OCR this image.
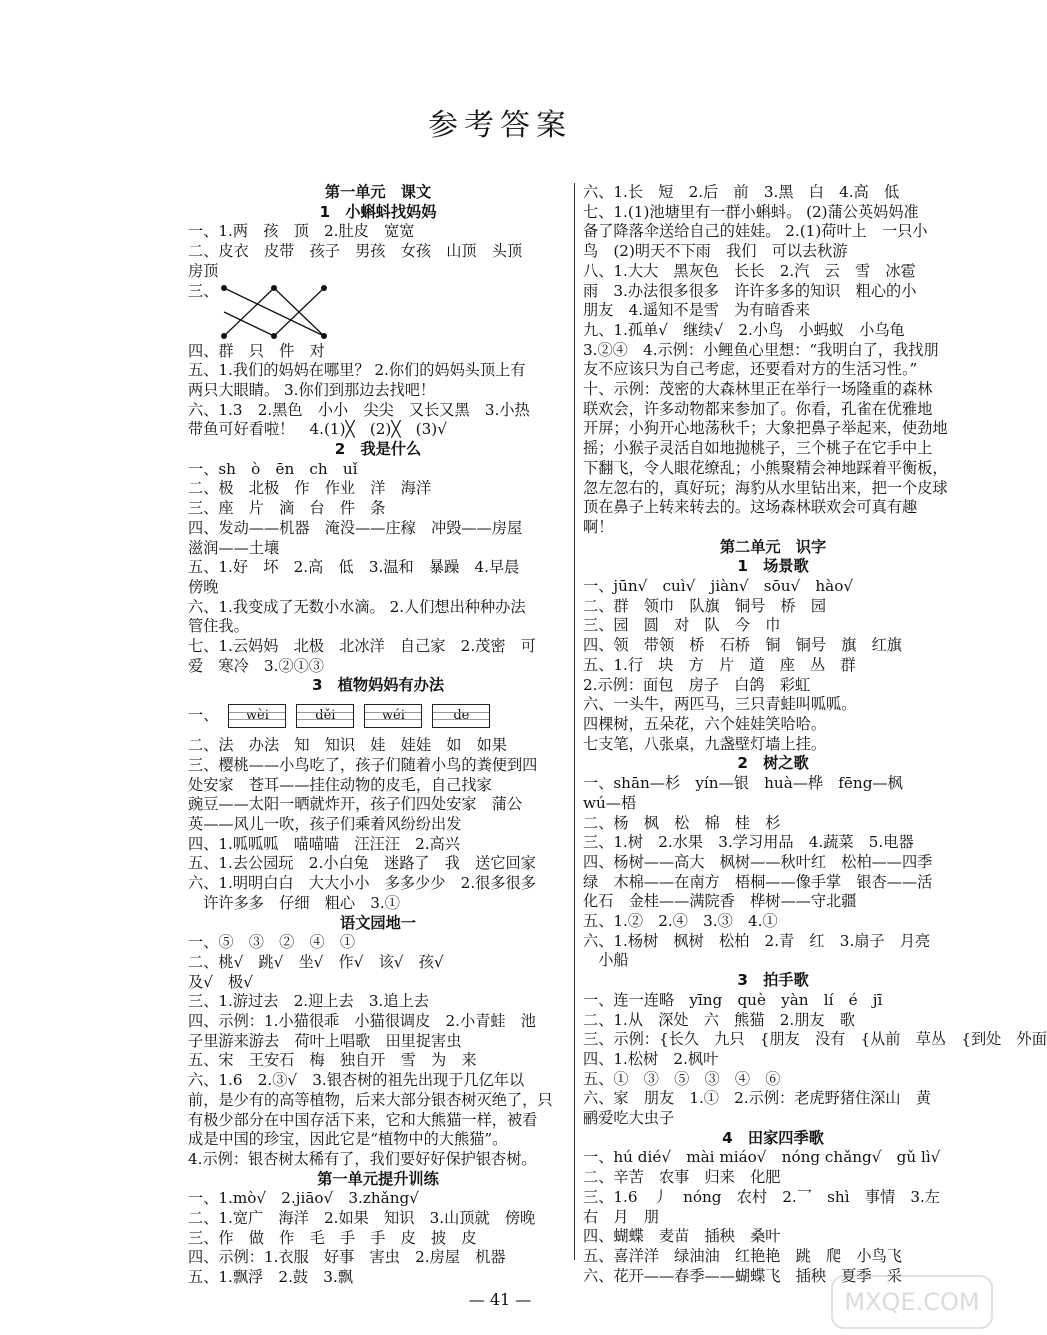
参考答案
第一单元　课文
1　小蝌蚪找妈妈
一、1.两　孩　顶　2.肚皮　宽宽
二、皮衣　皮带　孩子　男孩　女孩　山顶　头顶
房顶
三、
四、群　只　件　对
五、1.我们的妈妈在哪里？ 2.你们的妈妈头顶上有
两只大眼睛。 3.你们到那边去找吧！
六、1.3　2.黑色　小小　尖尖　又长又黑　3.小热
带鱼可好看啦！　4.(1)╳　(2)╳　(3)√
2　我是什么
一、sh　ò　ēn　ch　uǐ
二、极　北极　作　作业　洋　海洋
三、座　片　滴　台　件　条
四、发动——机器　淹没——庄稼　冲毁——房屋
滋润——土壤
五、1.好　坏　2.高　低　3.温和　暴躁　4.早晨
傍晚
六、1.我变成了无数小水滴。 2.人们想出种种办法
管住我。
七、1.云妈妈　北极　北冰洋　自己家　2.茂密　可
爱　寒冷　3.②①③
3　植物妈妈有办法
一、	wèi	děi	wéi	de
二、法　办法　知　知识　娃　娃娃　如　如果
三、樱桃——小鸟吃了，孩子们随着小鸟的粪便到四
处安家　苍耳——挂住动物的皮毛，自己找家
豌豆——太阳一晒就炸开，孩子们四处安家　蒲公
英——风儿一吹，孩子们乘着风纷纷出发
四、1.呱呱呱　喵喵喵　汪汪汪　2.高兴
五、1.去公园玩　2.小白兔　迷路了　我　送它回家
六、1.明明白白　大大小小　多多少少　2.很多很多
　许许多多　仔细　粗心　3.①
语文园地一
一、⑤　③　②　④　①
二、桃√　跳√　坐√　作√　该√　孩√
及√　极√
三、1.游过去　2.迎上去　3.追上去
四、示例：1.小猫很乖　小猫很调皮　2.小青蛙　池
子里游来游去　荷叶上唱歌　田里捉害虫
五、宋　王安石　梅　独自开　雪　为　来
六、1.6　2.③√　3.银杏树的祖先出现于几亿年以
前，是少有的高等植物，后来大部分银杏树灭绝了，只
有极少部分在中国存活下来，它和大熊猫一样，被看
成是中国的珍宝，因此它是“植物中的大熊猫”。
4.示例：银杏树太稀有了，我们要好好保护银杏树。
第一单元提升训练
一、1.mò√　2.jiāo√　3.zhǎng√
二、1.宽广　海洋　2.如果　知识　3.山顶就　傍晚
三、作　做　作　毛　手　手　皮　披　皮
四、示例：1.衣服　好事　害虫　2.房屋　机器
五、1.飘浮　2.鼓　3.飘
六、1.长　短　2.后　前　3.黑　白　4.高　低
七、1.(1)池塘里有一群小蝌蚪。 (2)蒲公英妈妈准
备了降落伞送给自己的娃娃。 2.(1)荷叶上　一只小
鸟　(2)明天不下雨　我们　可以去秋游
八、1.大大　黑灰色　长长　2.汽　云　雪　冰雹
雨　3.办法很多很多　许许多多的知识　粗心的小
朋友　4.遥知不是雪　为有暗香来
九、1.孤单√　继续√　2.小鸟　小蚂蚁　小乌龟
3.②④　4.示例：小鲤鱼心里想：“我明白了，我找朋
友不应该只为自己考虑，还要看对方的生活习性。”
十、示例：茂密的大森林里正在举行一场隆重的森林
联欢会，许多动物都来参加了。你看，孔雀在优雅地
开屏；小狗开心地荡秋千；大象把鼻子举起来，使劲地
摇；小猴子灵活自如地抛桃子，三个桃子在它手中上
下翻飞，令人眼花缭乱；小熊聚精会神地踩着平衡板，
忽左忽右的，真好玩；海豹从水里钻出来，把一个皮球
顶在鼻子上转来转去的。这场森林联欢会可真有趣
啊！
第二单元　识字
1　场景歌
一、jūn√　cuì√　jiàn√　sōu√　hào√
二、群　领巾　队旗　铜号　桥　园
三、园　圆　对　队　今　巾
四、领　带领　桥　石桥　铜　铜号　旗　红旗
五、1.行　块　方　片　道　座　丛　群
2.示例：面包　房子　白鸽　彩虹
六、一头牛，两匹马，三只青蛙叫呱呱。
四棵树，五朵花，六个娃娃笑哈哈。
七支笔，八张桌，九盏壁灯墙上挂。
2　树之歌
一、shān—杉　yín—银　huà—桦　fēng—枫
wú—梧
二、杨　枫　松　棉　桂　杉
三、1.树　2.水果　3.学习用品　4.蔬菜　5.电器
四、杨树——高大　枫树——秋叶红　松柏——四季
绿　木棉——在南方　梧桐——像手掌　银杏——活
化石　金桂——满院香　桦树——守北疆
五、1.②　2.④　3.③　4.①
六、1.杨树　枫树　松柏　2.青　红　3.扇子　月亮
　小船
3　拍手歌
一、连一连略　yīng　què　yàn　lí　é　jī
二、1.从　深处　六　熊猫　2.朋友　歌
三、示例：{长久　九只　{朋友　没有　{从前　草丛　{到处　外面
四、1.松树　2.枫叶
五、①　③　⑤　③　④　⑥
六、家　朋友　1.①　2.示例：老虎野猪住深山　黄
鹂爱吃大虫子
4　田家四季歌
一、hú dié√　mài miáo√　nóng chǎng√　gǔ lì√
二、辛苦　农事　归来　化肥
三、1.6　丿　nóng　农村　2.乛　shì　事情　3.左
右　月　朋
四、蝴蝶　麦苗　插秧　桑叶
五、喜洋洋　绿油油　红艳艳　跳　爬　小鸟飞
六、花开——春季——蝴蝶飞　插秧　夏季　采
— 41 —	MXQE.COM
